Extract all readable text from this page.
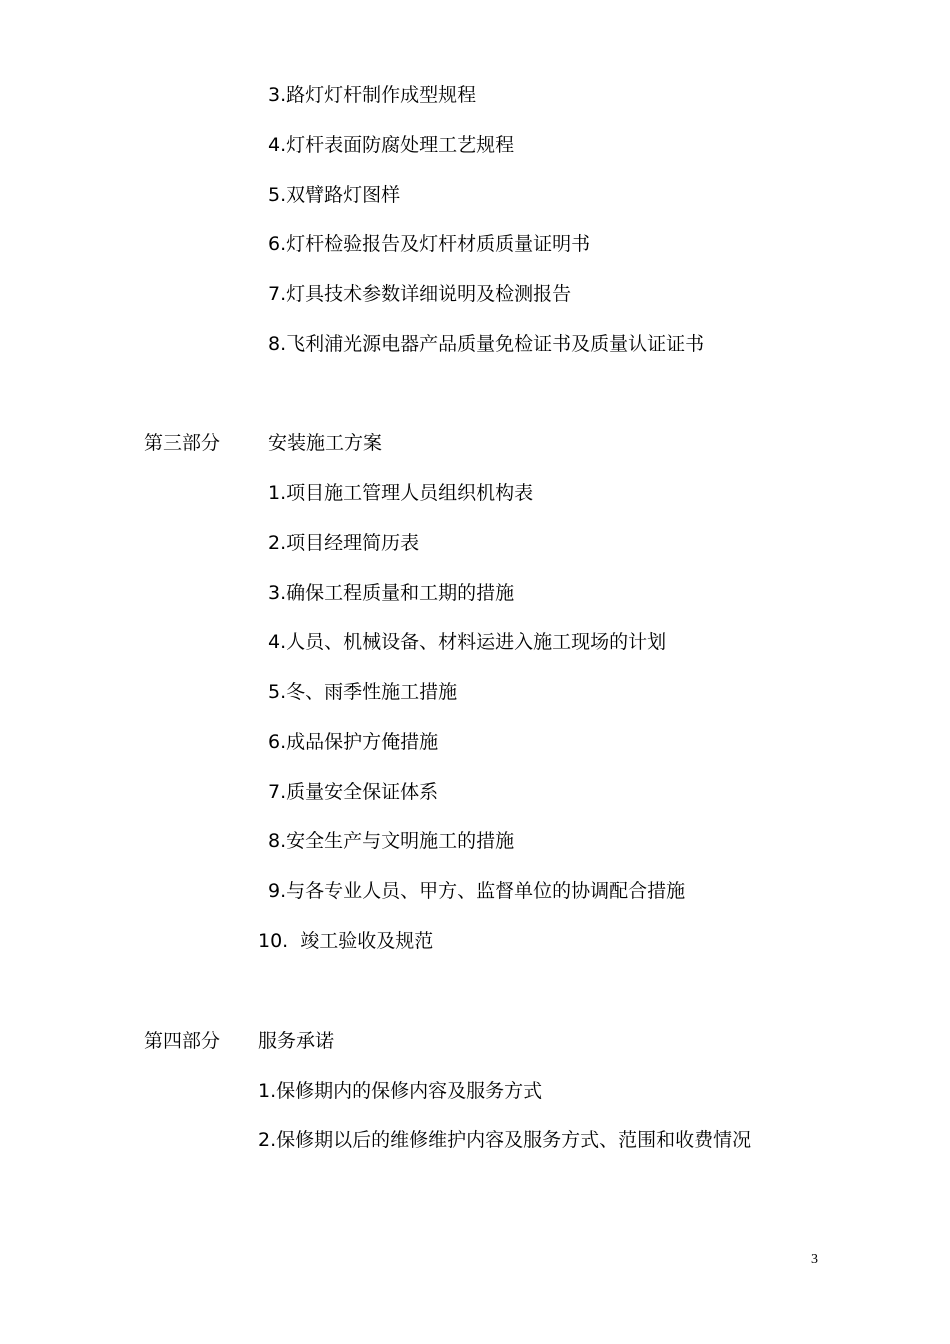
3.路灯灯杆制作成型规程
4.灯杆表面防腐处理工艺规程
5.双臂路灯图样
6.灯杆检验报告及灯杆材质质量证明书
7.灯具技术参数详细说明及检测报告
8.飞利浦光源电器产品质量免检证书及质量认证证书
第三部分	安装施工方案
1.项目施工管理人员组织机构表
2.项目经理简历表
3.确保工程质量和工期的措施
4.人员、机械设备、材料运进入施工现场的计划
5.冬、雨季性施工措施
6.成品保护方俺措施
7.质量安全保证体系
8.安全生产与文明施工的措施
9.与各专业人员、甲方、监督单位的协调配合措施
10.  竣工验收及规范
第四部分 服务承诺
1.保修期内的保修内容及服务方式
2.保修期以后的维修维护内容及服务方式、范围和收费情况
3
